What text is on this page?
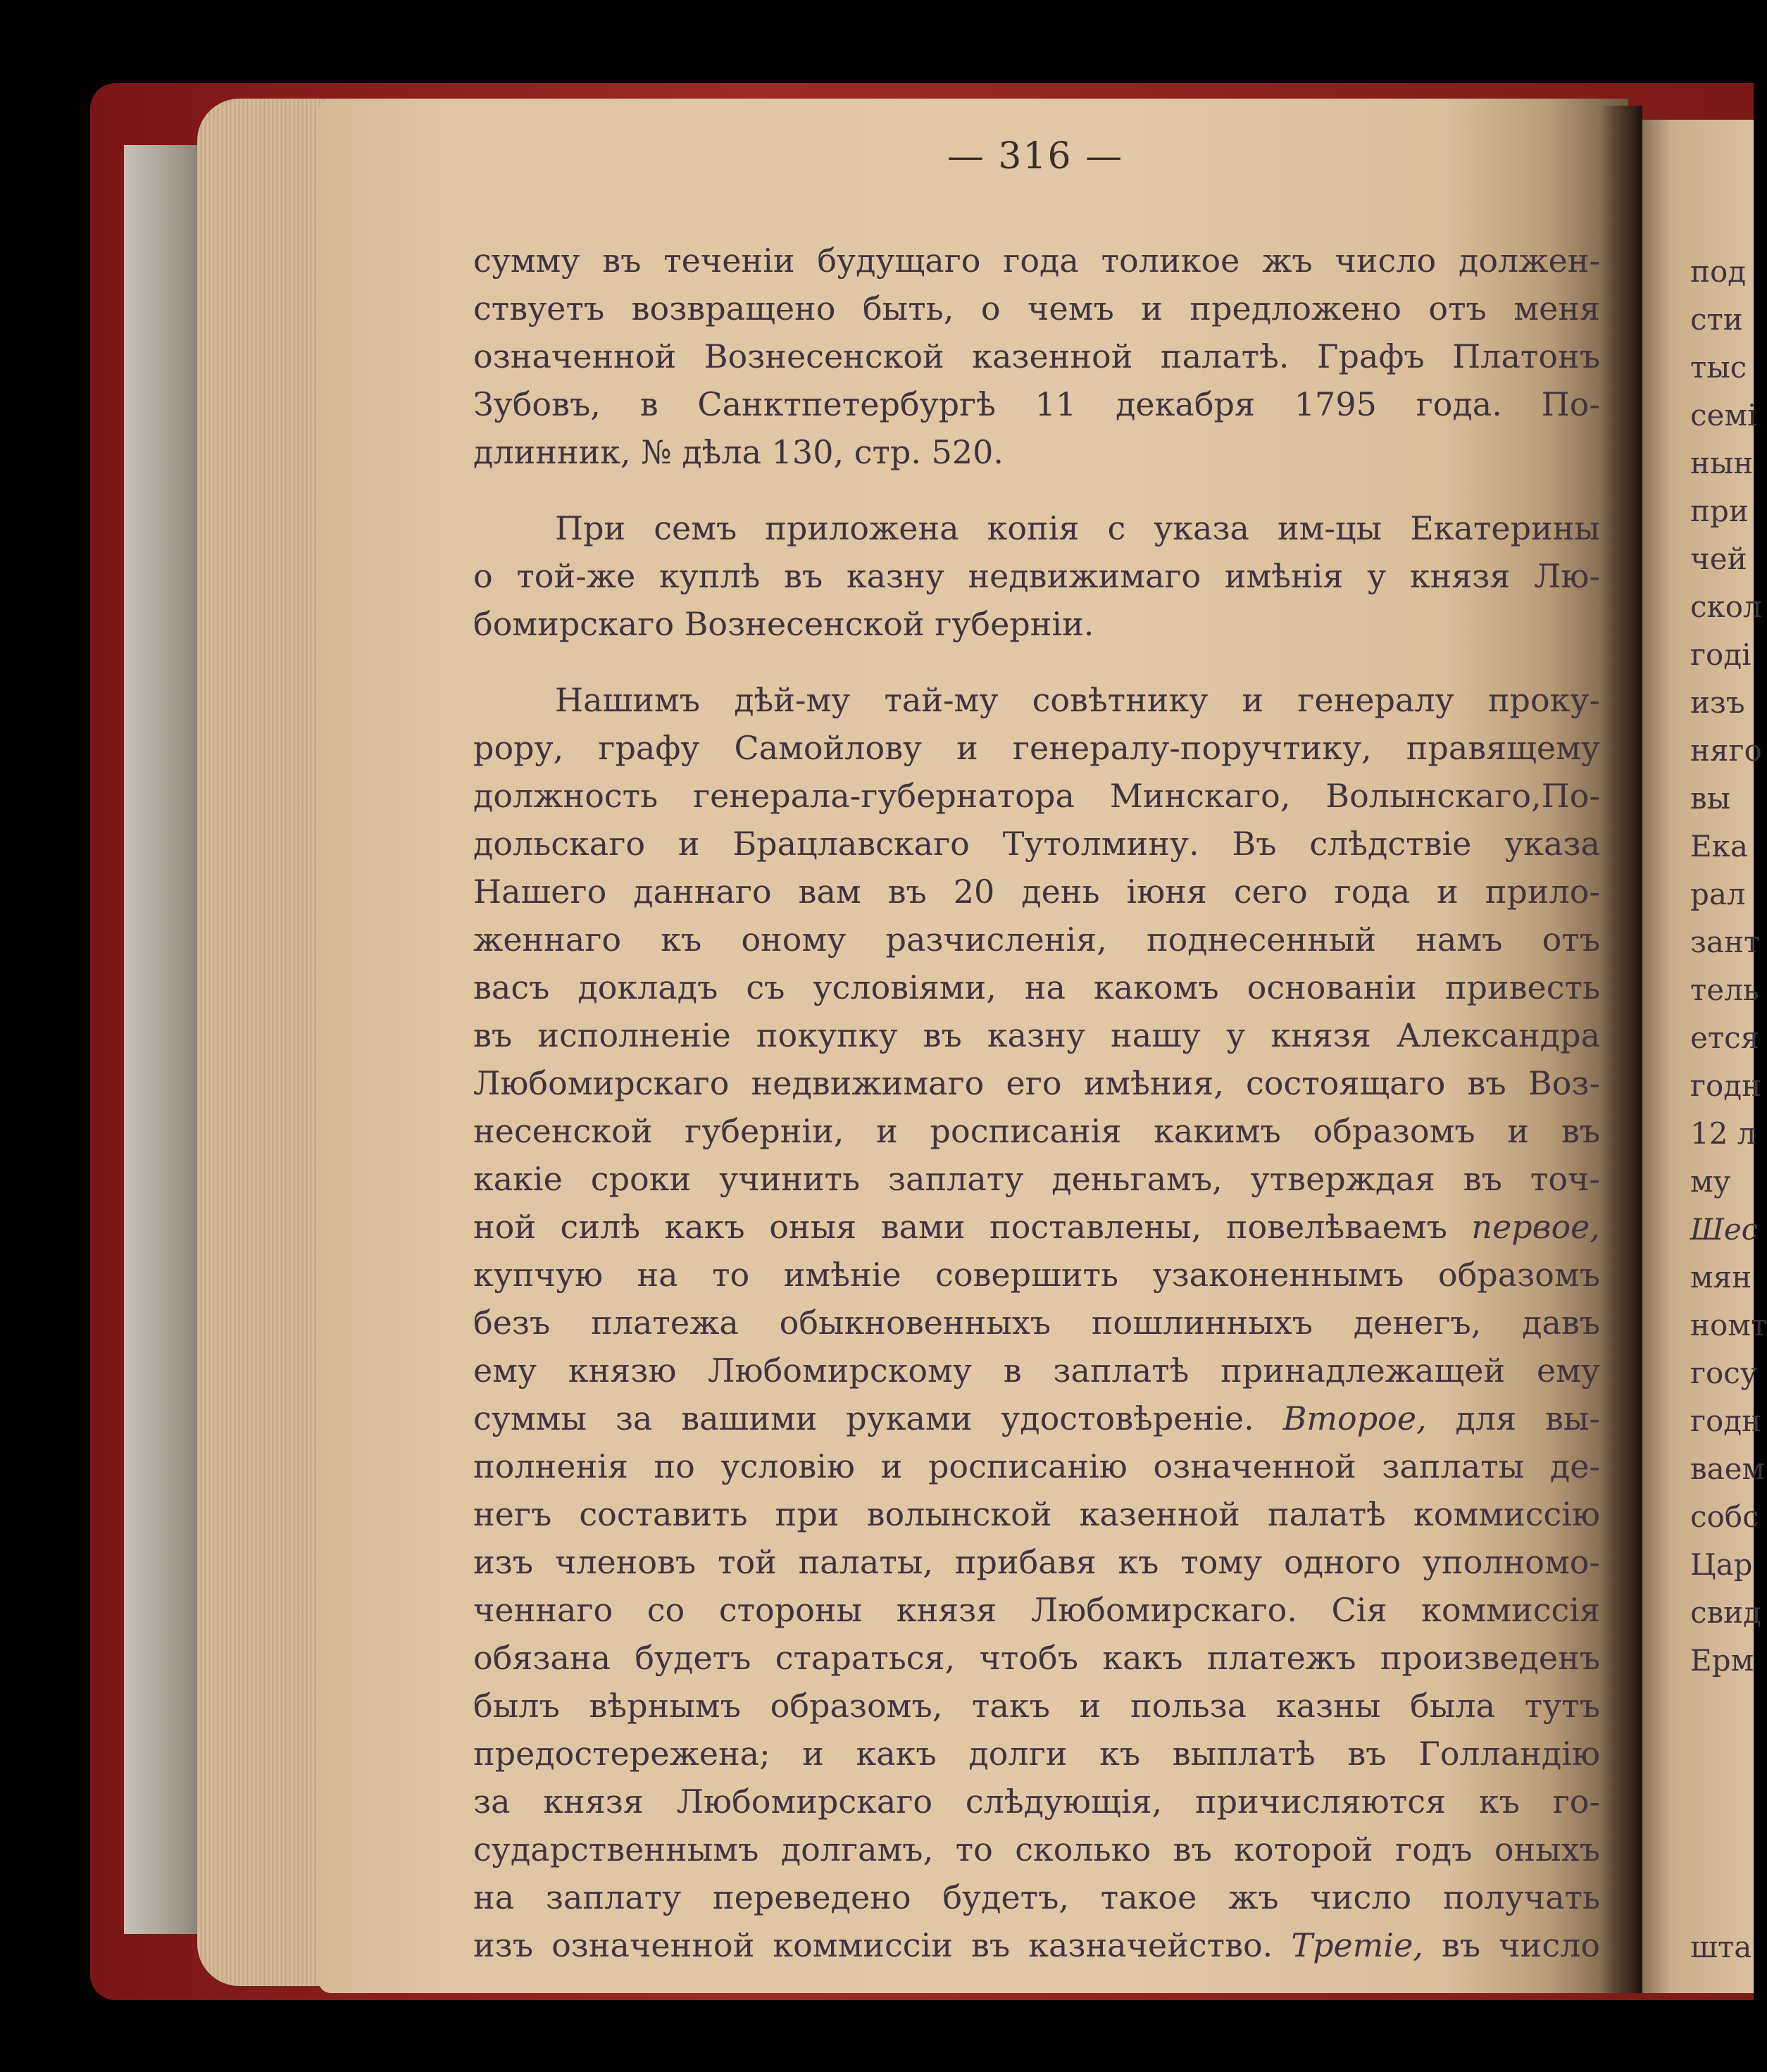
— 316 —
сумму въ теченіи будущаго года толикое жъ число должен-
ствуетъ возвращено быть, о чемъ и предложено отъ меня
означенной Вознесенской казенной палатѣ. Графъ Платонъ
Зубовъ, в Санктпетербургѣ 11 декабря 1795 года. По-
длинник, № дѣла 130, стр. 520.
При семъ приложена копія с указа им-цы Екатерины
о той-же куплѣ въ казну недвижимаго имѣнія у князя Лю-
бомирскаго Вознесенской губерніи.
Нашимъ дѣй-му тай-му совѣтнику и генералу проку-
рору, графу Самойлову и генералу-поручтику, правящему
должность генерала-губернатора Минскаго, Волынскаго,По-
дольскаго и Брацлавскаго Тутолмину. Въ слѣдствіе указа
Нашего даннаго вам въ 20 день іюня сего года и прило-
женнаго къ оному разчисленія, поднесенный намъ отъ
васъ докладъ съ условіями, на какомъ основаніи привесть
въ исполненіе покупку въ казну нашу у князя Александра
Любомирскаго недвижимаго его имѣния, состоящаго въ Воз-
несенской губерніи, и росписанія какимъ образомъ и въ
какіе сроки учинить заплату деньгамъ, утверждая въ точ-
ной силѣ какъ оныя вами поставлены, повелѣваемъ первое,
купчую на то имѣніе совершить узаконеннымъ образомъ
безъ платежа обыкновенныхъ пошлинныхъ денегъ, давъ
ему князю Любомирскому в заплатѣ принадлежащей ему
суммы за вашими руками удостовѣреніе. Второе, для вы-
полненія по условію и росписанію означенной заплаты де-
негъ составить при волынской казенной палатѣ коммиссію
изъ членовъ той палаты, прибавя къ тому одного уполномо-
ченнаго со стороны князя Любомирскаго. Сія коммиссія
обязана будетъ стараться, чтобъ какъ платежъ произведенъ
былъ вѣрнымъ образомъ, такъ и польза казны была тутъ
предостережена; и какъ долги къ выплатѣ въ Голландію
за князя Любомирскаго слѣдующія, причисляются къ го-
сударственнымъ долгамъ, то сколько въ которой годъ оныхъ
на заплату переведено будетъ, такое жъ число получать
изъ означенной коммиссіи въ казначейство. Третіе, въ число
под
сти
тыс
семі
нын
при
чей
скол
годі
изъ
няго
вы
Ека
рал
зант
тель
ется
годн
12 л
му
Шес
мян
номт
госу
годн
ваем
собс
Цар
свид
Ерм
шта
